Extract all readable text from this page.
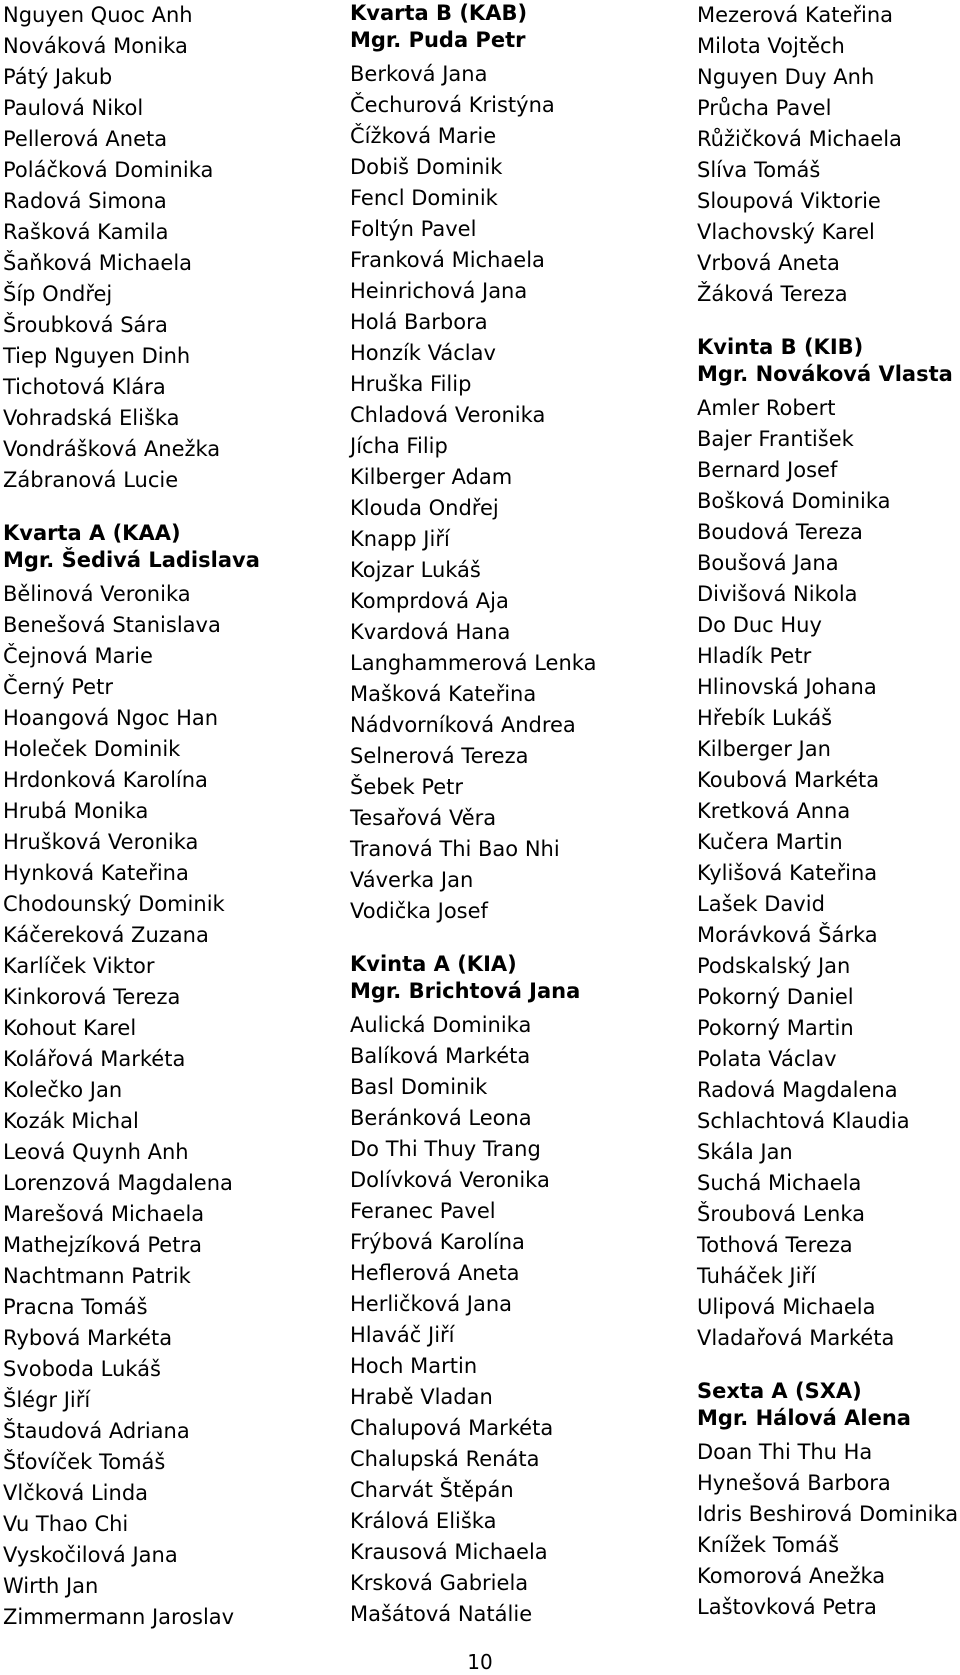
Nguyen Quoc Anh
Nováková Monika
Pátý Jakub
Paulová Nikol
Pellerová Aneta
Poláčková Dominika
Radová Simona
Rašková Kamila
Šaňková Michaela
Šíp Ondřej
Šroubková Sára
Tiep Nguyen Dinh
Tichotová Klára
Vohradská Eliška
Vondrášková Anežka
Zábranová Lucie
Kvarta A (KAA)
Mgr. Šedivá Ladislava
Bělinová Veronika
Benešová Stanislava
Čejnová Marie
Černý Petr
Hoangová Ngoc Han
Holeček Dominik
Hrdonková Karolína
Hrubá Monika
Hrušková Veronika
Hynková Kateřina
Chodounský Dominik
Káčereková Zuzana
Karlíček Viktor
Kinkorová Tereza
Kohout Karel
Kolářová Markéta
Kolečko Jan
Kozák Michal
Leová Quynh Anh
Lorenzová Magdalena
Marešová Michaela
Mathejzíková Petra
Nachtmann Patrik
Pracna Tomáš
Rybová Markéta
Svoboda Lukáš
Šlégr Jiří
Štaudová Adriana
Šťovíček Tomáš
Vlčková Linda
Vu Thao Chi
Vyskočilová Jana
Wirth Jan
Zimmermann Jaroslav
Kvarta B (KAB)
Mgr. Puda Petr
Berková Jana
Čechurová Kristýna
Čížková Marie
Dobiš Dominik
Fencl Dominik
Foltýn Pavel
Franková Michaela
Heinrichová Jana
Holá Barbora
Honzík Václav
Hruška Filip
Chladová Veronika
Jícha Filip
Kilberger Adam
Klouda Ondřej
Knapp Jiří
Kojzar Lukáš
Komprdová Aja
Kvardová Hana
Langhammerová Lenka
Mašková Kateřina
Nádvorníková Andrea
Selnerová Tereza
Šebek Petr
Tesařová Věra
Tranová Thi Bao Nhi
Váverka Jan
Vodička Josef
Kvinta A (KIA)
Mgr. Brichtová Jana
Aulická Dominika
Balíková Markéta
Basl Dominik
Beránková Leona
Do Thi Thuy Trang
Dolívková Veronika
Feranec Pavel
Frýbová Karolína
Heflerová Aneta
Herličková Jana
Hlaváč Jiří
Hoch Martin
Hrabě Vladan
Chalupová Markéta
Chalupská Renáta
Charvát Štěpán
Králová Eliška
Krausová Michaela
Krsková Gabriela
Mašátová Natálie
Mezerová Kateřina
Milota Vojtěch
Nguyen Duy Anh
Průcha Pavel
Růžičková Michaela
Slíva Tomáš
Sloupová Viktorie
Vlachovský Karel
Vrbová Aneta
Žáková Tereza
Kvinta B (KIB)
Mgr. Nováková Vlasta
Amler Robert
Bajer František
Bernard Josef
Bošková Dominika
Boudová Tereza
Boušová Jana
Divišová Nikola
Do Duc Huy
Hladík Petr
Hlinovská Johana
Hřebík Lukáš
Kilberger Jan
Koubová Markéta
Kretková Anna
Kučera Martin
Kylišová Kateřina
Lašek David
Morávková Šárka
Podskalský Jan
Pokorný Daniel
Pokorný Martin
Polata Václav
Radová Magdalena
Schlachtová Klaudia
Skála Jan
Suchá Michaela
Šroubová Lenka
Tothová Tereza
Tuháček Jiří
Ulipová Michaela
Vladařová Markéta
Sexta A (SXA)
Mgr. Hálová Alena
Doan Thi Thu Ha
Hynešová Barbora
Idris Beshirová Dominika
Knížek Tomáš
Komorová Anežka
Laštovková Petra
10
